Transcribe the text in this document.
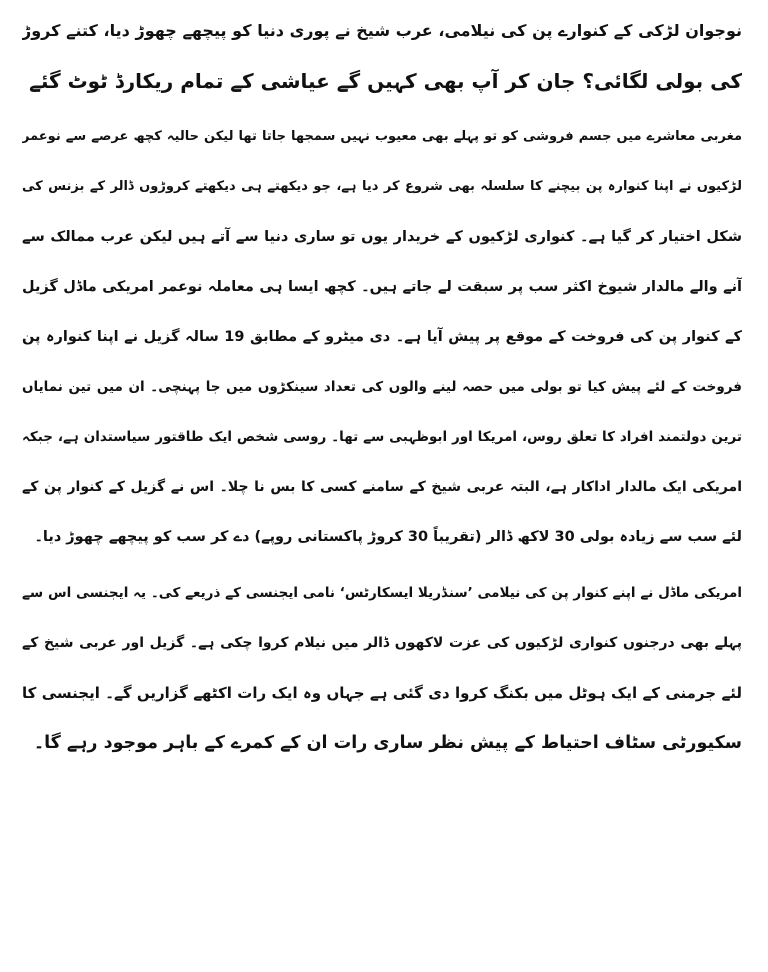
نوجوان لڑکی کے کنوارے پن کی نیلامی، عرب شیخ نے پوری دنیا کو پیچھے چھوڑ دیا، کتنے کروڑ
کی بولی لگائی؟ جان کر آپ بھی کہیں گے عیاشی کے تمام ریکارڈ ٹوٹ گئے
مغربی معاشرے میں جسم فروشی کو تو پہلے بھی معیوب نہیں سمجھا جاتا تھا لیکن حالیہ کچھ عرصے سے نوعمر
لڑکیوں نے اپنا کنوارہ پن بیچنے کا سلسلہ بھی شروع کر دیا ہے، جو دیکھتے ہی دیکھتے کروڑوں ڈالر کے بزنس کی
شکل اختیار کر گیا ہے۔ کنواری لڑکیوں کے خریدار یوں تو ساری دنیا سے آتے ہیں لیکن عرب ممالک سے
آنے والے مالدار شیوخ اکثر سب پر سبقت لے جاتے ہیں۔ کچھ ایسا ہی معاملہ نوعمر امریکی ماڈل گزیل
کے کنوار پن کی فروخت کے موقع پر پیش آیا ہے۔ دی میٹرو کے مطابق 19 سالہ گزیل نے اپنا کنوارہ پن
فروخت کے لئے پیش کیا تو بولی میں حصہ لینے والوں کی تعداد سینکڑوں میں جا پہنچی۔ ان میں تین نمایاں
ترین دولتمند افراد کا تعلق روس، امریکا اور ابوظہبی سے تھا۔ روسی شخص ایک طاقتور سیاستدان ہے، جبکہ
امریکی ایک مالدار اداکار ہے، البتہ عربی شیخ کے سامنے کسی کا بس نا چلا۔ اس نے گزیل کے کنوار پن کے
لئے سب سے زیادہ بولی 30 لاکھ ڈالر (تقریباً 30 کروڑ پاکستانی روپے) دے کر سب کو پیچھے چھوڑ دیا۔
امریکی ماڈل نے اپنے کنوار پن کی نیلامی ’سنڈریلا ایسکارٹس‘ نامی ایجنسی کے ذریعے کی۔ یہ ایجنسی اس سے
پہلے بھی درجنوں کنواری لڑکیوں کی عزت لاکھوں ڈالر میں نیلام کروا چکی ہے۔ گزیل اور عربی شیخ کے
لئے جرمنی کے ایک ہوٹل میں بکنگ کروا دی گئی ہے جہاں وہ ایک رات اکٹھے گزاریں گے۔ ایجنسی کا
سکیورٹی سٹاف احتیاط کے پیش نظر ساری رات ان کے کمرے کے باہر موجود رہے گا۔
